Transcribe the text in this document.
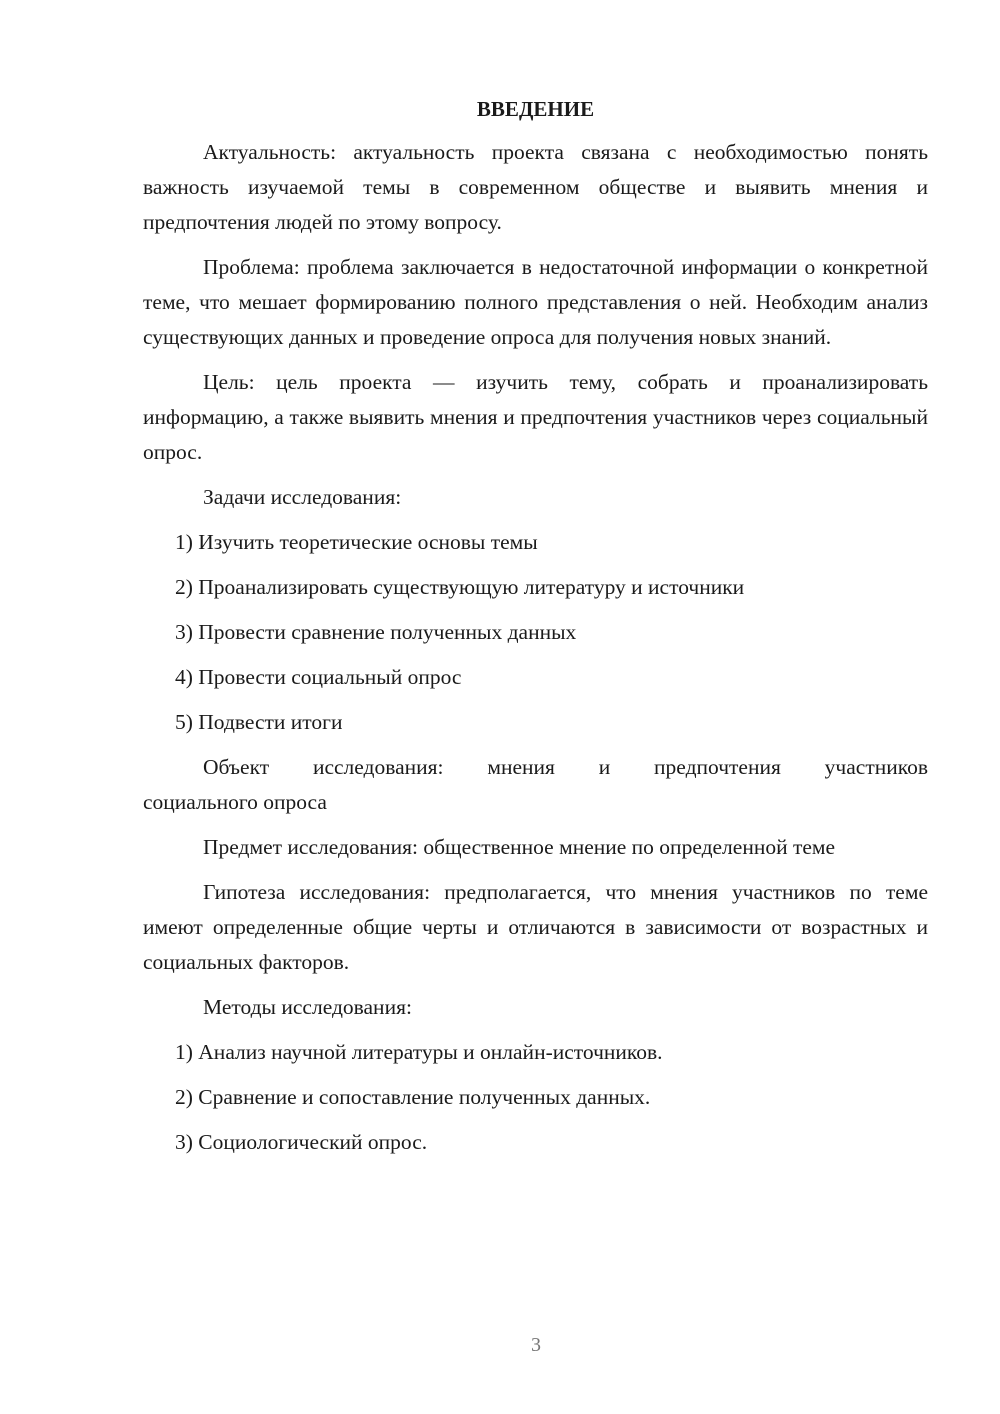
ВВЕДЕНИЕ

Актуальность: актуальность проекта связана с необходимостью понять важность изучаемой темы в современном обществе и выявить мнения и предпочтения людей по этому вопросу.

Проблема: проблема заключается в недостаточной информации о конкретной теме, что мешает формированию полного представления о ней. Необходим анализ существующих данных и проведение опроса для получения новых знаний.

Цель: цель проекта — изучить тему, собрать и проанализировать информацию, а также выявить мнения и предпочтения участников через социальный опрос.

Задачи исследования:

1) Изучить теоретические основы темы
2) Проанализировать существующую литературу и источники
3) Провести сравнение полученных данных
4) Провести социальный опрос
5) Подвести итоги
Объект исследования: мнения и предпочтения участников
социального опроса

Предмет исследования: общественное мнение по определенной теме

Гипотеза исследования: предполагается, что мнения участников по теме имеют определенные общие черты и отличаются в зависимости от возрастных и социальных факторов.

Методы исследования:

1) Анализ научной литературы и онлайн-источников.
2) Сравнение и сопоставление полученных данных.
3) Социологический опрос.
3
